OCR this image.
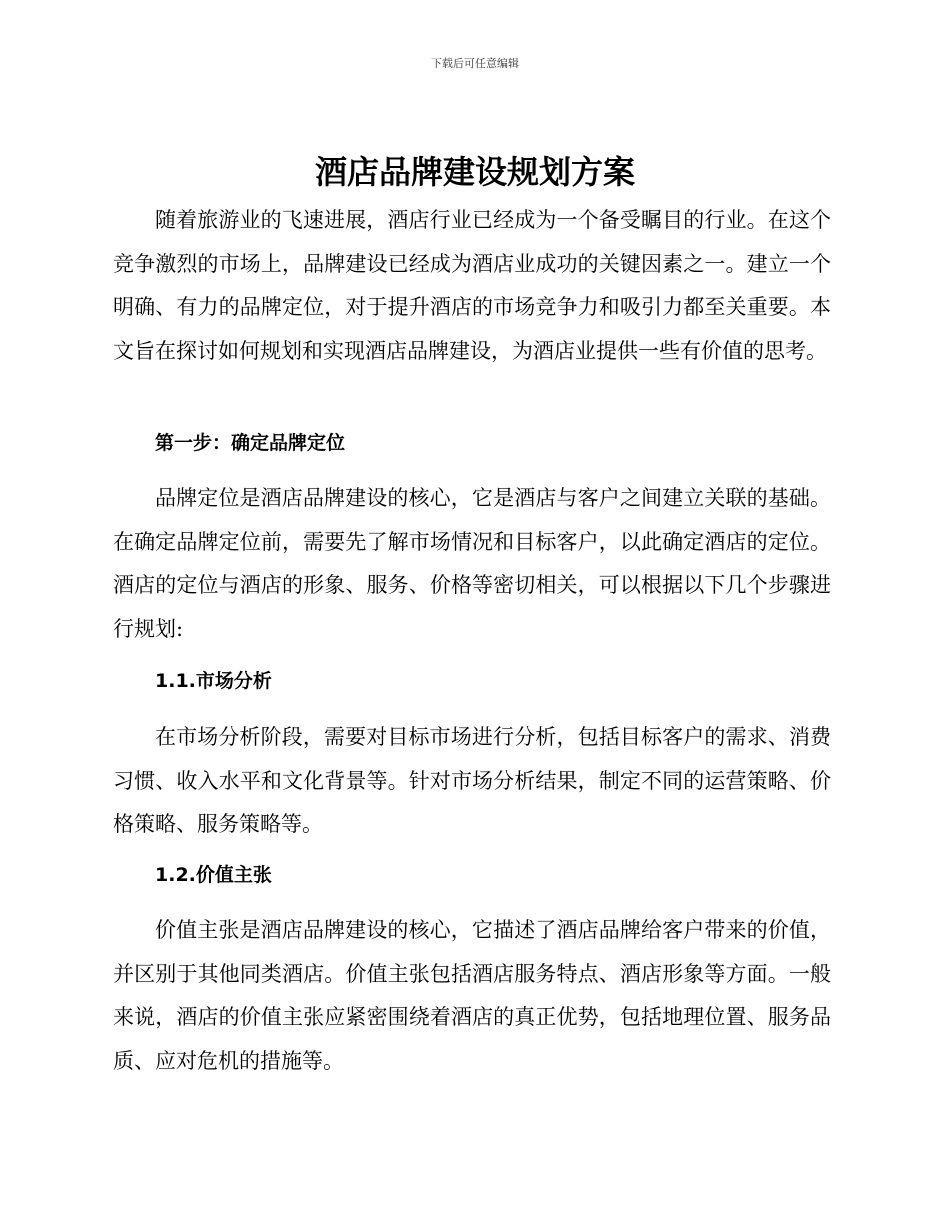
下载后可任意编辑
酒店品牌建设规划方案

随着旅游业的飞速进展，酒店行业已经成为一个备受瞩目的行业。在这个竞争激烈的市场上，品牌建设已经成为酒店业成功的关键因素之一。建立一个明确、有力的品牌定位，对于提升酒店的市场竞争力和吸引力都至关重要。本文旨在探讨如何规划和实现酒店品牌建设，为酒店业提供一些有价值的思考。

第一步：确定品牌定位

品牌定位是酒店品牌建设的核心，它是酒店与客户之间建立关联的基础。在确定品牌定位前，需要先了解市场情况和目标客户，以此确定酒店的定位。酒店的定位与酒店的形象、服务、价格等密切相关，可以根据以下几个步骤进行规划:

1.1.市场分析

在市场分析阶段，需要对目标市场进行分析，包括目标客户的需求、消费习惯、收入水平和文化背景等。针对市场分析结果，制定不同的运营策略、价格策略、服务策略等。

1.2.价值主张

价值主张是酒店品牌建设的核心，它描述了酒店品牌给客户带来的价值，并区别于其他同类酒店。价值主张包括酒店服务特点、酒店形象等方面。一般来说，酒店的价值主张应紧密围绕着酒店的真正优势，包括地理位置、服务品质、应对危机的措施等。
